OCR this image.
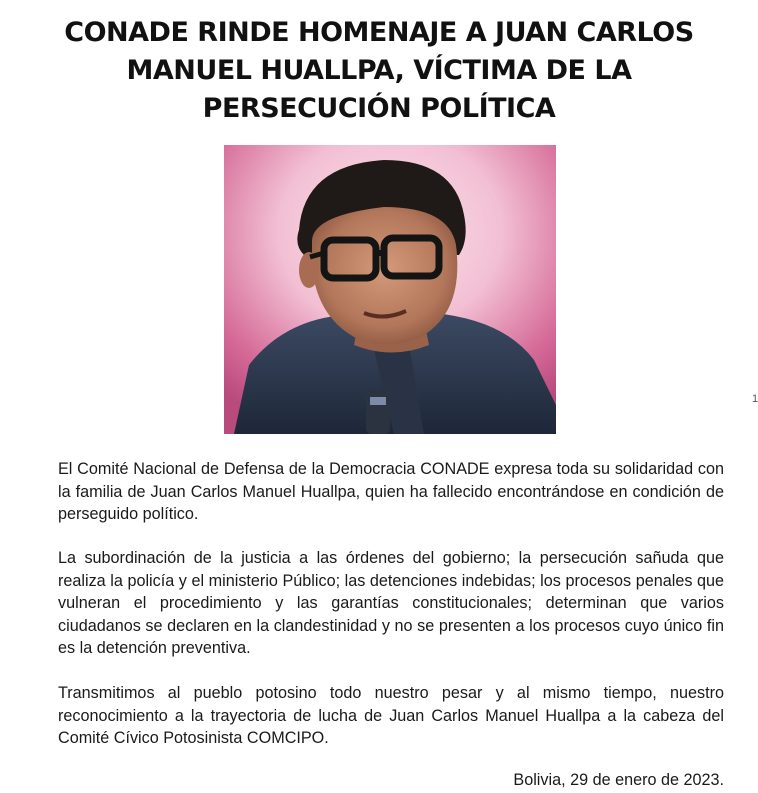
CONADE RINDE HOMENAJE A JUAN CARLOS MANUEL HUALLPA, VÍCTIMA DE LA PERSECUCIÓN POLÍTICA

El Comité Nacional de Defensa de la Democracia CONADE expresa toda su solidaridad con la familia de Juan Carlos Manuel Huallpa, quien ha fallecido encontrándose en condición de perseguido político.

La subordinación de la justicia a las órdenes del gobierno; la persecución sañuda que realiza la policía y el ministerio Público; las detenciones indebidas; los procesos penales que vulneran el procedimiento y las garantías constitucionales; determinan que varios ciudadanos se declaren en la clandestinidad y no se presenten a los procesos cuyo único fin es la detención preventiva.

Transmitimos al pueblo potosino todo nuestro pesar y al mismo tiempo, nuestro reconocimiento a la trayectoria de lucha de Juan Carlos Manuel Huallpa a la cabeza del Comité Cívico Potosinista COMCIPO.

Bolivia, 29 de enero de 2023.

1
